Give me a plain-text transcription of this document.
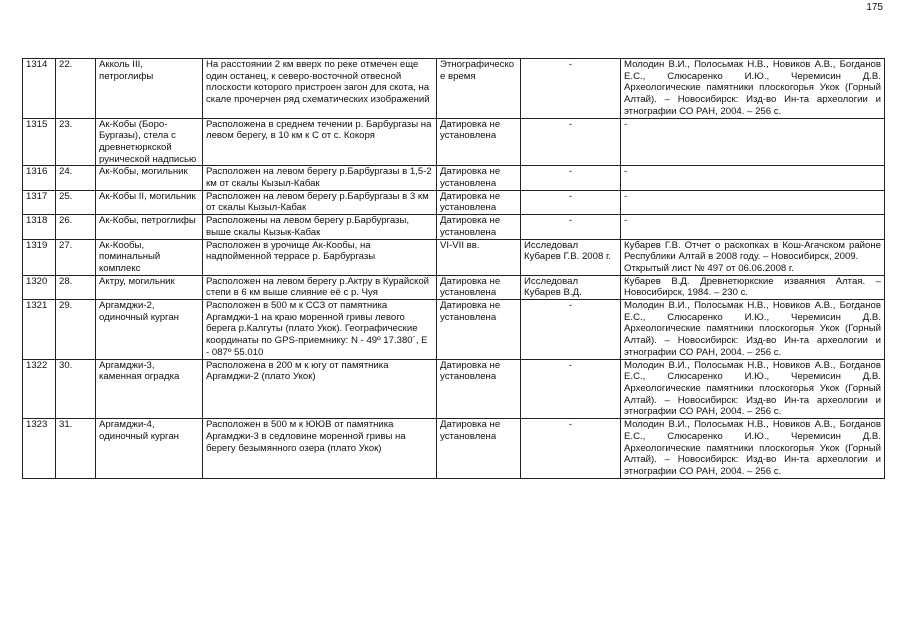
175
1314	22.	Акколь III, петроглифы	На расстоянии 2 км вверх по реке отмечен еще один останец, к северо-восточной отвесной плоскости которого пристроен загон для скота, на скале прочерчен ряд схематических изображений	Этнографическое время	-	Молодин В.И., Полосьмак Н.В., Новиков А.В., Богданов Е.С., Слюсаренко И.Ю., Черемисин Д.В. Археологические памятники плоскогорья Укок (Горный Алтай). – Новосибирск: Изд-во Ин-та археологии и этнографии СО РАН, 2004. – 256 с.

1315	23.	Ак-Кобы (Боро-Бургазы), стела с древнетюркской рунической надписью	Расположена в среднем течении р. Барбургазы на левом берегу, в 10 км к С от с. Кокоря	Датировка не установлена	-	-

1316	24.	Ак-Кобы, могильник	Расположен на левом берегу р.Барбургазы в 1,5-2 км от скалы Кызыл-Кабак	Датировка не установлена	-	-

1317	25.	Ак-Кобы II, могильник	Расположен на левом берегу р.Барбургазы в 3 км от скалы Кызыл-Кабак	Датировка не установлена	-	-

1318	26.	Ак-Кобы, петроглифы	Расположены на левом берегу р.Барбургазы, выше скалы Кызык-Кабак	Датировка не установлена	-	-

1319	27.	Ак-Кообы, поминальный комплекс	Расположен в урочище Ак-Кообы, на надпойменной террасе р. Барбургазы	VI-VII вв.	Исследовал Кубарев Г.В. 2008 г.	Кубарев Г.В. Отчет о раскопках в Кош-Агачском районе Республики Алтай в 2008 году. – Новосибирск, 2009.
Открытый лист № 497 от 06.06.2008 г.

1320	28.	Актру, могильник	Расположен на левом берегу р.Актру в Курайской степи в 6 км выше слияние её с р. Чуя	Датировка не установлена	Исследовал Кубарев В.Д.	Кубарев В.Д. Древнетюркские изваяния Алтая. – Новосибирск, 1984. – 230 с.

1321	29.	Аргамджи-2, одиночный курган	Расположен в 500 м к ССЗ от памятника Аргамджи-1 на краю моренной гривы левого берега р.Калгуты (плато Укок). Географические координаты по GPS-приемнику: N - 49º 17.380´, E - 087º 55.010	Датировка не установлена	-	Молодин В.И., Полосьмак Н.В., Новиков А.В., Богданов Е.С., Слюсаренко И.Ю., Черемисин Д.В. Археологические памятники плоскогорья Укок (Горный Алтай). – Новосибирск: Изд-во Ин-та археологии и этнографии СО РАН, 2004. – 256 с.

1322	30.	Аргамджи-3, каменная оградка	Расположена в 200 м к югу от памятника Аргамджи-2 (плато Укок)	Датировка не установлена	-	Молодин В.И., Полосьмак Н.В., Новиков А.В., Богданов Е.С., Слюсаренко И.Ю., Черемисин Д.В. Археологические памятники плоскогорья Укок (Горный Алтай). – Новосибирск: Изд-во Ин-та археологии и этнографии СО РАН, 2004. – 256 с.

1323	31.	Аргамджи-4, одиночный курган	Расположен в 500 м к ЮЮВ от памятника Аргамджи-3 в седловине моренной гривы на берегу безымянного озера (плато Укок)	Датировка не установлена	-	Молодин В.И., Полосьмак Н.В., Новиков А.В., Богданов Е.С., Слюсаренко И.Ю., Черемисин Д.В. Археологические памятники плоскогорья Укок (Горный Алтай). – Новосибирск: Изд-во Ин-та археологии и этнографии СО РАН, 2004. – 256 с.
